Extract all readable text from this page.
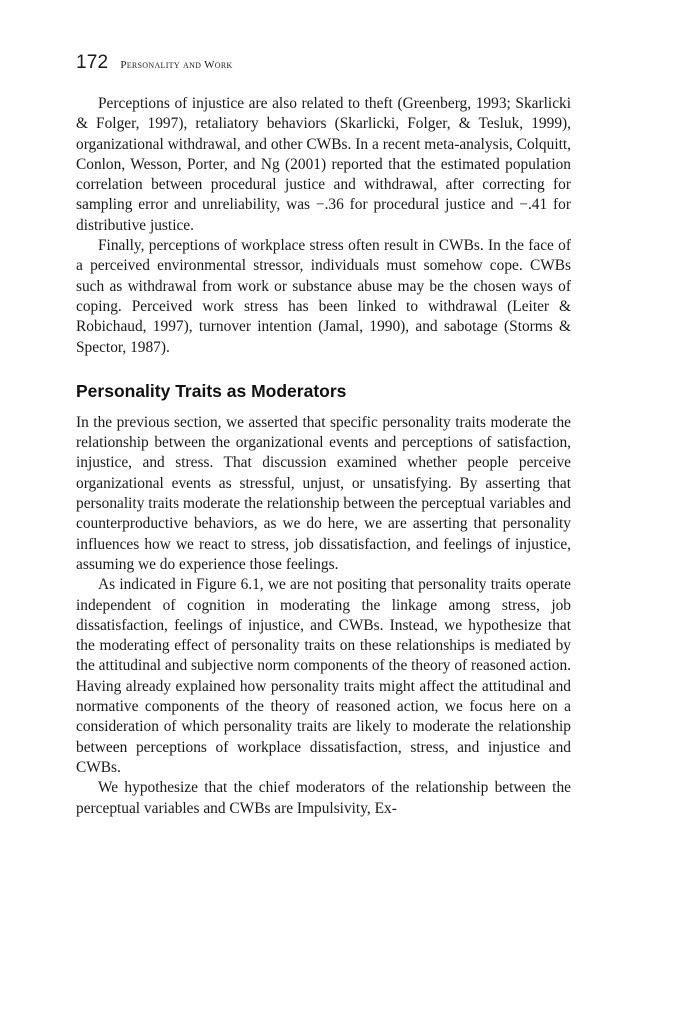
172 Personality and Work

Perceptions of injustice are also related to theft (Greenberg, 1993; Skarlicki & Folger, 1997), retaliatory behaviors (Skarlicki, Folger, & Tesluk, 1999), organizational withdrawal, and other CWBs. In a recent meta-analysis, Colquitt, Conlon, Wesson, Porter, and Ng (2001) reported that the estimated population correlation between procedural justice and withdrawal, after correcting for sampling error and unreliability, was −.36 for procedural justice and −.41 for distributive justice.

Finally, perceptions of workplace stress often result in CWBs. In the face of a perceived environmental stressor, individuals must somehow cope. CWBs such as withdrawal from work or substance abuse may be the chosen ways of coping. Perceived work stress has been linked to withdrawal (Leiter & Robichaud, 1997), turnover intention (Jamal, 1990), and sabotage (Storms & Spector, 1987).

Personality Traits as Moderators

In the previous section, we asserted that specific personality traits moderate the relationship between the organizational events and perceptions of satisfaction, injustice, and stress. That discussion examined whether people perceive organizational events as stressful, unjust, or unsatisfying. By asserting that personality traits moderate the relationship between the perceptual variables and counterproductive behaviors, as we do here, we are asserting that personality influences how we react to stress, job dissatisfaction, and feelings of injustice, assuming we do experience those feelings.

As indicated in Figure 6.1, we are not positing that personality traits operate independent of cognition in moderating the linkage among stress, job dissatisfaction, feelings of injustice, and CWBs. Instead, we hypothesize that the moderating effect of personality traits on these relationships is mediated by the attitudinal and subjective norm components of the theory of reasoned action. Having already explained how personality traits might affect the attitudinal and normative components of the theory of reasoned action, we focus here on a consideration of which personality traits are likely to moderate the relationship between perceptions of workplace dissatisfaction, stress, and injustice and CWBs.

We hypothesize that the chief moderators of the relationship between the perceptual variables and CWBs are Impulsivity, Ex-
